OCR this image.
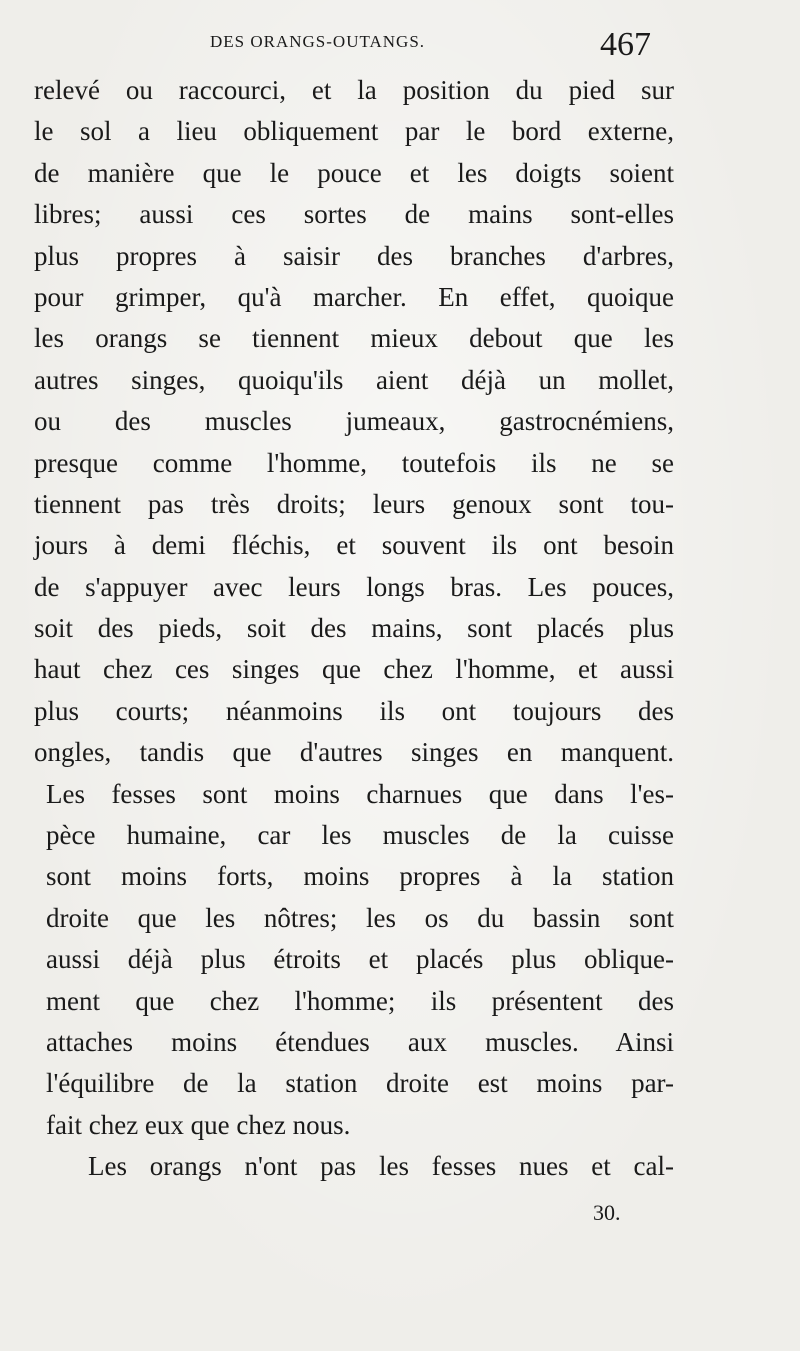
DES ORANGS-OUTANGS.	467
relevé ou raccourci, et la position du pied sur
le sol a lieu obliquement par le bord externe,
de manière que le pouce et les doigts soient
libres; aussi ces sortes de mains sont-elles
plus propres à saisir des branches d'arbres,
pour grimper, qu'à marcher. En effet, quoique
les orangs se tiennent mieux debout que les
autres singes, quoiqu'ils aient déjà un mollet,
ou des muscles jumeaux, gastrocnémiens,
presque comme l'homme, toutefois ils ne se
tiennent pas très droits; leurs genoux sont tou-
jours à demi fléchis, et souvent ils ont besoin
de s'appuyer avec leurs longs bras. Les pouces,
soit des pieds, soit des mains, sont placés plus
haut chez ces singes que chez l'homme, et aussi
plus courts; néanmoins ils ont toujours des
ongles, tandis que d'autres singes en manquent.
Les fesses sont moins charnues que dans l'es-
pèce humaine, car les muscles de la cuisse
sont moins forts, moins propres à la station
droite que les nôtres; les os du bassin sont
aussi déjà plus étroits et placés plus oblique-
ment que chez l'homme; ils présentent des
attaches moins étendues aux muscles. Ainsi
l'équilibre de la station droite est moins par-
fait chez eux que chez nous.
Les orangs n'ont pas les fesses nues et cal-
30.
